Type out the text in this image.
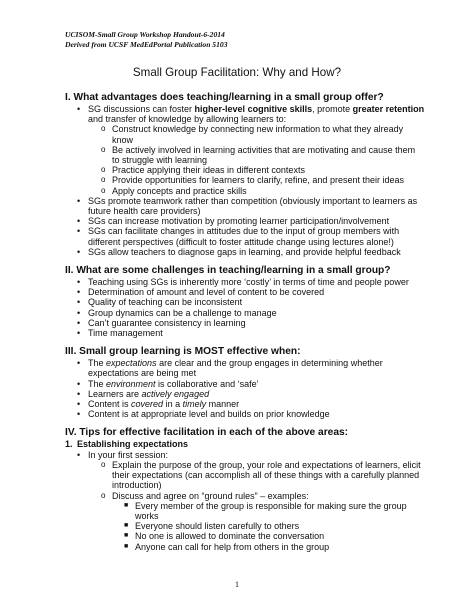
UCISOM-Small Group Workshop Handout-6-2014
Derived from UCSF MedEdPortal Publication 5103
Small Group Facilitation: Why and How?
I. What advantages does teaching/learning in a small group offer?
• SG discussions can foster higher-level cognitive skills, promote greater retention and transfer of knowledge by allowing learners to:
o Construct knowledge by connecting new information to what they already know
o Be actively involved in learning activities that are motivating and cause them to struggle with learning
o Practice applying their ideas in different contexts
o Provide opportunities for learners to clarify, refine, and present their ideas
o Apply concepts and practice skills
• SGs promote teamwork rather than competition (obviously important to learners as future health care providers)
• SGs can increase motivation by promoting learner participation/involvement
• SGs can facilitate changes in attitudes due to the input of group members with different perspectives (difficult to foster attitude change using lectures alone!)
• SGs allow teachers to diagnose gaps in learning, and provide helpful feedback
II. What are some challenges in teaching/learning in a small group?
• Teaching using SGs is inherently more ‘costly’ in terms of time and people power
• Determination of amount and level of content to be covered
• Quality of teaching can be inconsistent
• Group dynamics can be a challenge to manage
• Can’t guarantee consistency in learning
• Time management
III. Small group learning is MOST effective when:
• The expectations are clear and the group engages in determining whether expectations are being met
• The environment is collaborative and ‘safe’
• Learners are actively engaged
• Content is covered in a timely manner
• Content is at appropriate level and builds on prior knowledge
IV. Tips for effective facilitation in each of the above areas:
1. Establishing expectations
• In your first session:
o Explain the purpose of the group, your role and expectations of learners, elicit their expectations (can accomplish all of these things with a carefully planned introduction)
o Discuss and agree on “ground rules” – examples:
■ Every member of the group is responsible for making sure the group works
■ Everyone should listen carefully to others
■ No one is allowed to dominate the conversation
■ Anyone can call for help from others in the group
1
